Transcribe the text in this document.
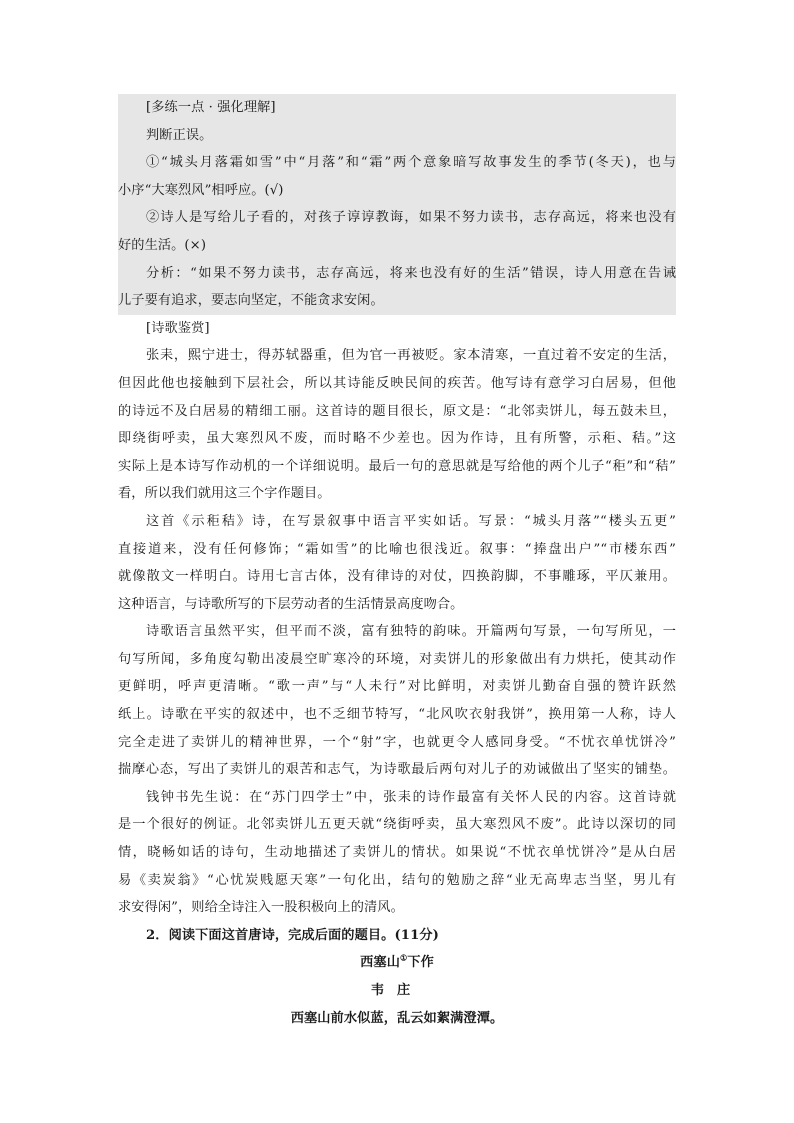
[多练一点 · 强化理解]
判断正误。
①“城头月落霜如雪”中“月落”和“霜”两个意象暗写故事发生的季节(冬天)，也与
小序“大寒烈风”相呼应。(√)
②诗人是写给儿子看的，对孩子谆谆教诲，如果不努力读书，志存高远，将来也没有
好的生活。(×)
分析：“如果不努力读书，志存高远，将来也没有好的生活”错误，诗人用意在告诫
儿子要有追求，要志向坚定，不能贪求安闲。
[诗歌鉴赏]
张耒，熙宁进士，得苏轼器重，但为官一再被贬。家本清寒，一直过着不安定的生活，
但因此他也接触到下层社会，所以其诗能反映民间的疾苦。他写诗有意学习白居易，但他
的诗远不及白居易的精细工丽。这首诗的题目很长，原文是：“北邻卖饼儿，每五鼓未旦，
即绕街呼卖，虽大寒烈风不废，而时略不少差也。因为作诗，且有所警，示秬、秸。”这
实际上是本诗写作动机的一个详细说明。最后一句的意思就是写给他的两个儿子“秬”和“秸”
看，所以我们就用这三个字作题目。
这首《示秬秸》诗，在写景叙事中语言平实如话。写景：“城头月落”“楼头五更”
直接道来，没有任何修饰；“霜如雪”的比喻也很浅近。叙事：“捧盘出户”“市楼东西”
就像散文一样明白。诗用七言古体，没有律诗的对仗，四换韵脚，不事雕琢，平仄兼用。
这种语言，与诗歌所写的下层劳动者的生活情景高度吻合。
诗歌语言虽然平实，但平而不淡，富有独特的韵味。开篇两句写景，一句写所见，一
句写所闻，多角度勾勒出凌晨空旷寒冷的环境，对卖饼儿的形象做出有力烘托，使其动作
更鲜明，呼声更清晰。“歌一声”与“人未行”对比鲜明，对卖饼儿勤奋自强的赞许跃然
纸上。诗歌在平实的叙述中，也不乏细节特写，“北风吹衣射我饼”，换用第一人称，诗人
完全走进了卖饼儿的精神世界，一个“射”字，也就更令人感同身受。“不忧衣单忧饼冷”
揣摩心态，写出了卖饼儿的艰苦和志气，为诗歌最后两句对儿子的劝诫做出了坚实的铺垫。
钱钟书先生说：在“苏门四学士”中，张耒的诗作最富有关怀人民的内容。这首诗就
是一个很好的例证。北邻卖饼儿五更天就“绕街呼卖，虽大寒烈风不废”。此诗以深切的同
情，晓畅如话的诗句，生动地描述了卖饼儿的情状。如果说“不忧衣单忧饼冷”是从白居
易《卖炭翁》“心忧炭贱愿天寒”一句化出，结句的勉励之辞“业无高卑志当坚，男儿有
求安得闲”，则给全诗注入一股积极向上的清风。
2．阅读下面这首唐诗，完成后面的题目。(11分)
西塞山①下作
韦庄
西塞山前水似蓝，乱云如絮满澄潭。
